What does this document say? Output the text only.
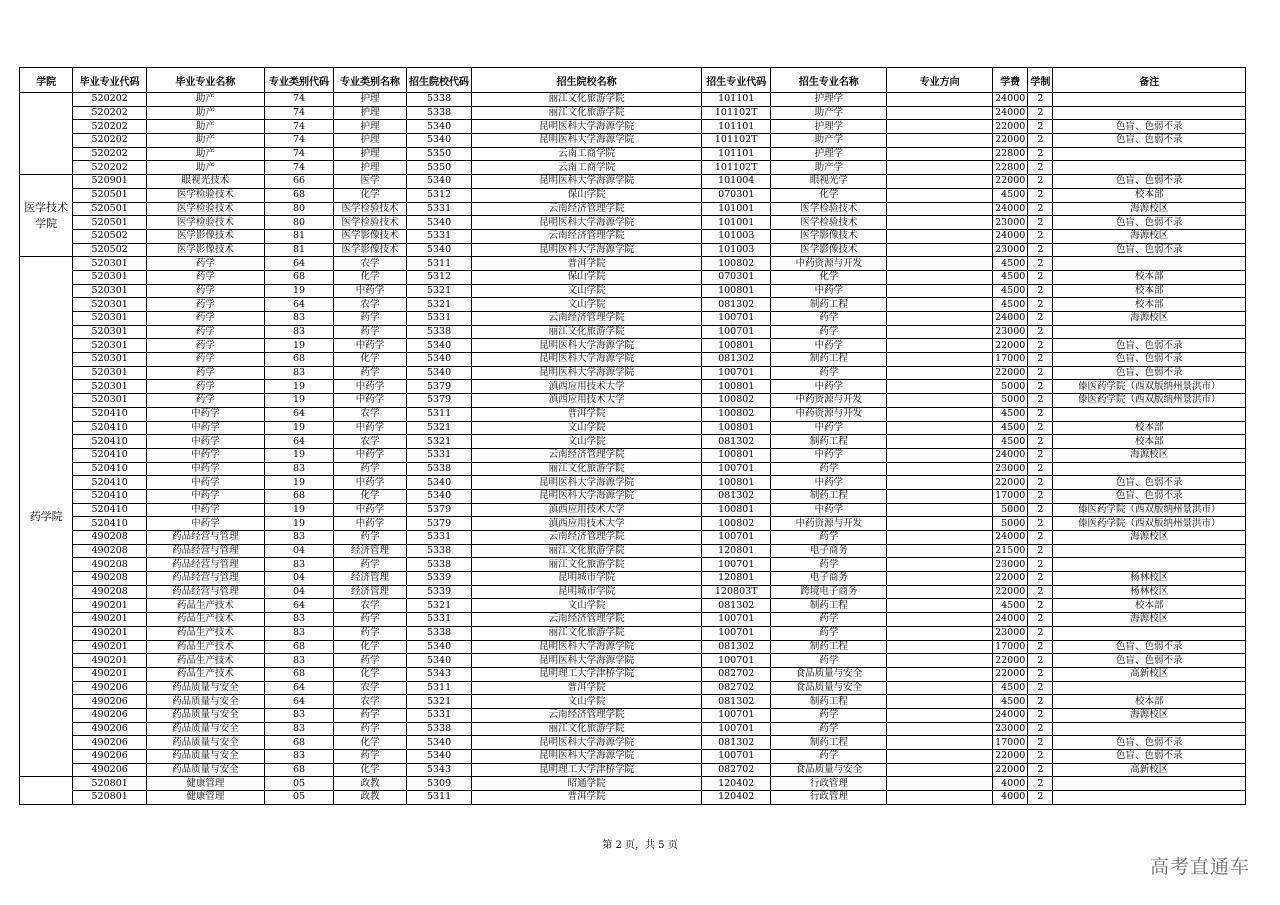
学院	毕业专业代码	毕业专业名称	专业类别代码	专业类别名称	招生院校代码	招生院校名称	招生专业代码	招生专业名称	专业方向	学费	学制	备注
	520202	助产	74	护理	5338	丽江文化旅游学院	101101	护理学		24000	2	
	520202	助产	74	护理	5338	丽江文化旅游学院	101102T	助产学		24000	2	
	520202	助产	74	护理	5340	昆明医科大学海源学院	101101	护理学		22000	2	色盲、色弱不录
	520202	助产	74	护理	5340	昆明医科大学海源学院	101102T	助产学		22000	2	色盲、色弱不录
	520202	助产	74	护理	5350	云南工商学院	101101	护理学		22800	2	
	520202	助产	74	护理	5350	云南工商学院	101102T	助产学		22800	2	
医学技术学院	520901	眼视光技术	66	医学	5340	昆明医科大学海源学院	101004	眼视光学		22000	2	色盲、色弱不录
	520501	医学检验技术	68	化学	5312	保山学院	070301	化学		4500	2	校本部
	520501	医学检验技术	80	医学检验技术	5331	云南经济管理学院	101001	医学检验技术		24000	2	海源校区
	520501	医学检验技术	80	医学检验技术	5340	昆明医科大学海源学院	101001	医学检验技术		23000	2	色盲、色弱不录
	520502	医学影像技术	81	医学影像技术	5331	云南经济管理学院	101003	医学影像技术		24000	2	海源校区
	520502	医学影像技术	81	医学影像技术	5340	昆明医科大学海源学院	101003	医学影像技术		23000	2	色盲、色弱不录
药学院	520301	药学	64	农学	5311	普洱学院	100802	中药资源与开发		4500	2	
	520301	药学	68	化学	5312	保山学院	070301	化学		4500	2	校本部
	520301	药学	19	中药学	5321	文山学院	100801	中药学		4500	2	校本部
	520301	药学	64	农学	5321	文山学院	081302	制药工程		4500	2	校本部
	520301	药学	83	药学	5331	云南经济管理学院	100701	药学		24000	2	海源校区
	520301	药学	83	药学	5338	丽江文化旅游学院	100701	药学		23000	2	
	520301	药学	19	中药学	5340	昆明医科大学海源学院	100801	中药学		22000	2	色盲、色弱不录
	520301	药学	68	化学	5340	昆明医科大学海源学院	081302	制药工程		17000	2	色盲、色弱不录
	520301	药学	83	药学	5340	昆明医科大学海源学院	100701	药学		22000	2	色盲、色弱不录
	520301	药学	19	中药学	5379	滇西应用技术大学	100801	中药学		5000	2	傣医药学院（西双版纳州景洪市）
	520301	药学	19	中药学	5379	滇西应用技术大学	100802	中药资源与开发		5000	2	傣医药学院（西双版纳州景洪市）
	520410	中药学	64	农学	5311	普洱学院	100802	中药资源与开发		4500	2	
	520410	中药学	19	中药学	5321	文山学院	100801	中药学		4500	2	校本部
	520410	中药学	64	农学	5321	文山学院	081302	制药工程		4500	2	校本部
	520410	中药学	19	中药学	5331	云南经济管理学院	100801	中药学		24000	2	海源校区
	520410	中药学	83	药学	5338	丽江文化旅游学院	100701	药学		23000	2	
	520410	中药学	19	中药学	5340	昆明医科大学海源学院	100801	中药学		22000	2	色盲、色弱不录
	520410	中药学	68	化学	5340	昆明医科大学海源学院	081302	制药工程		17000	2	色盲、色弱不录
	520410	中药学	19	中药学	5379	滇西应用技术大学	100801	中药学		5000	2	傣医药学院（西双版纳州景洪市）
	520410	中药学	19	中药学	5379	滇西应用技术大学	100802	中药资源与开发		5000	2	傣医药学院（西双版纳州景洪市）
	490208	药品经营与管理	83	药学	5331	云南经济管理学院	100701	药学		24000	2	海源校区
	490208	药品经营与管理	04	经济管理	5338	丽江文化旅游学院	120801	电子商务		21500	2	
	490208	药品经营与管理	83	药学	5338	丽江文化旅游学院	100701	药学		23000	2	
	490208	药品经营与管理	04	经济管理	5339	昆明城市学院	120801	电子商务		22000	2	杨林校区
	490208	药品经营与管理	04	经济管理	5339	昆明城市学院	120803T	跨境电子商务		22000	2	杨林校区
	490201	药品生产技术	64	农学	5321	文山学院	081302	制药工程		4500	2	校本部
	490201	药品生产技术	83	药学	5331	云南经济管理学院	100701	药学		24000	2	海源校区
	490201	药品生产技术	83	药学	5338	丽江文化旅游学院	100701	药学		23000	2	
	490201	药品生产技术	68	化学	5340	昆明医科大学海源学院	081302	制药工程		17000	2	色盲、色弱不录
	490201	药品生产技术	83	药学	5340	昆明医科大学海源学院	100701	药学		22000	2	色盲、色弱不录
	490201	药品生产技术	68	化学	5343	昆明理工大学津桥学院	082702	食品质量与安全		22000	2	高新校区
	490206	药品质量与安全	64	农学	5311	普洱学院	082702	食品质量与安全		4500	2	
	490206	药品质量与安全	64	农学	5321	文山学院	081302	制药工程		4500	2	校本部
	490206	药品质量与安全	83	药学	5331	云南经济管理学院	100701	药学		24000	2	海源校区
	490206	药品质量与安全	83	药学	5338	丽江文化旅游学院	100701	药学		23000	2	
	490206	药品质量与安全	68	化学	5340	昆明医科大学海源学院	081302	制药工程		17000	2	色盲、色弱不录
	490206	药品质量与安全	83	药学	5340	昆明医科大学海源学院	100701	药学		22000	2	色盲、色弱不录
	490206	药品质量与安全	68	化学	5343	昆明理工大学津桥学院	082702	食品质量与安全		22000	2	高新校区
	520801	健康管理	05	政教	5309	昭通学院	120402	行政管理		4000	2	
	520801	健康管理	05	政教	5311	普洱学院	120402	行政管理		4000	2	
第 2 页，共 5 页
高考直通车
